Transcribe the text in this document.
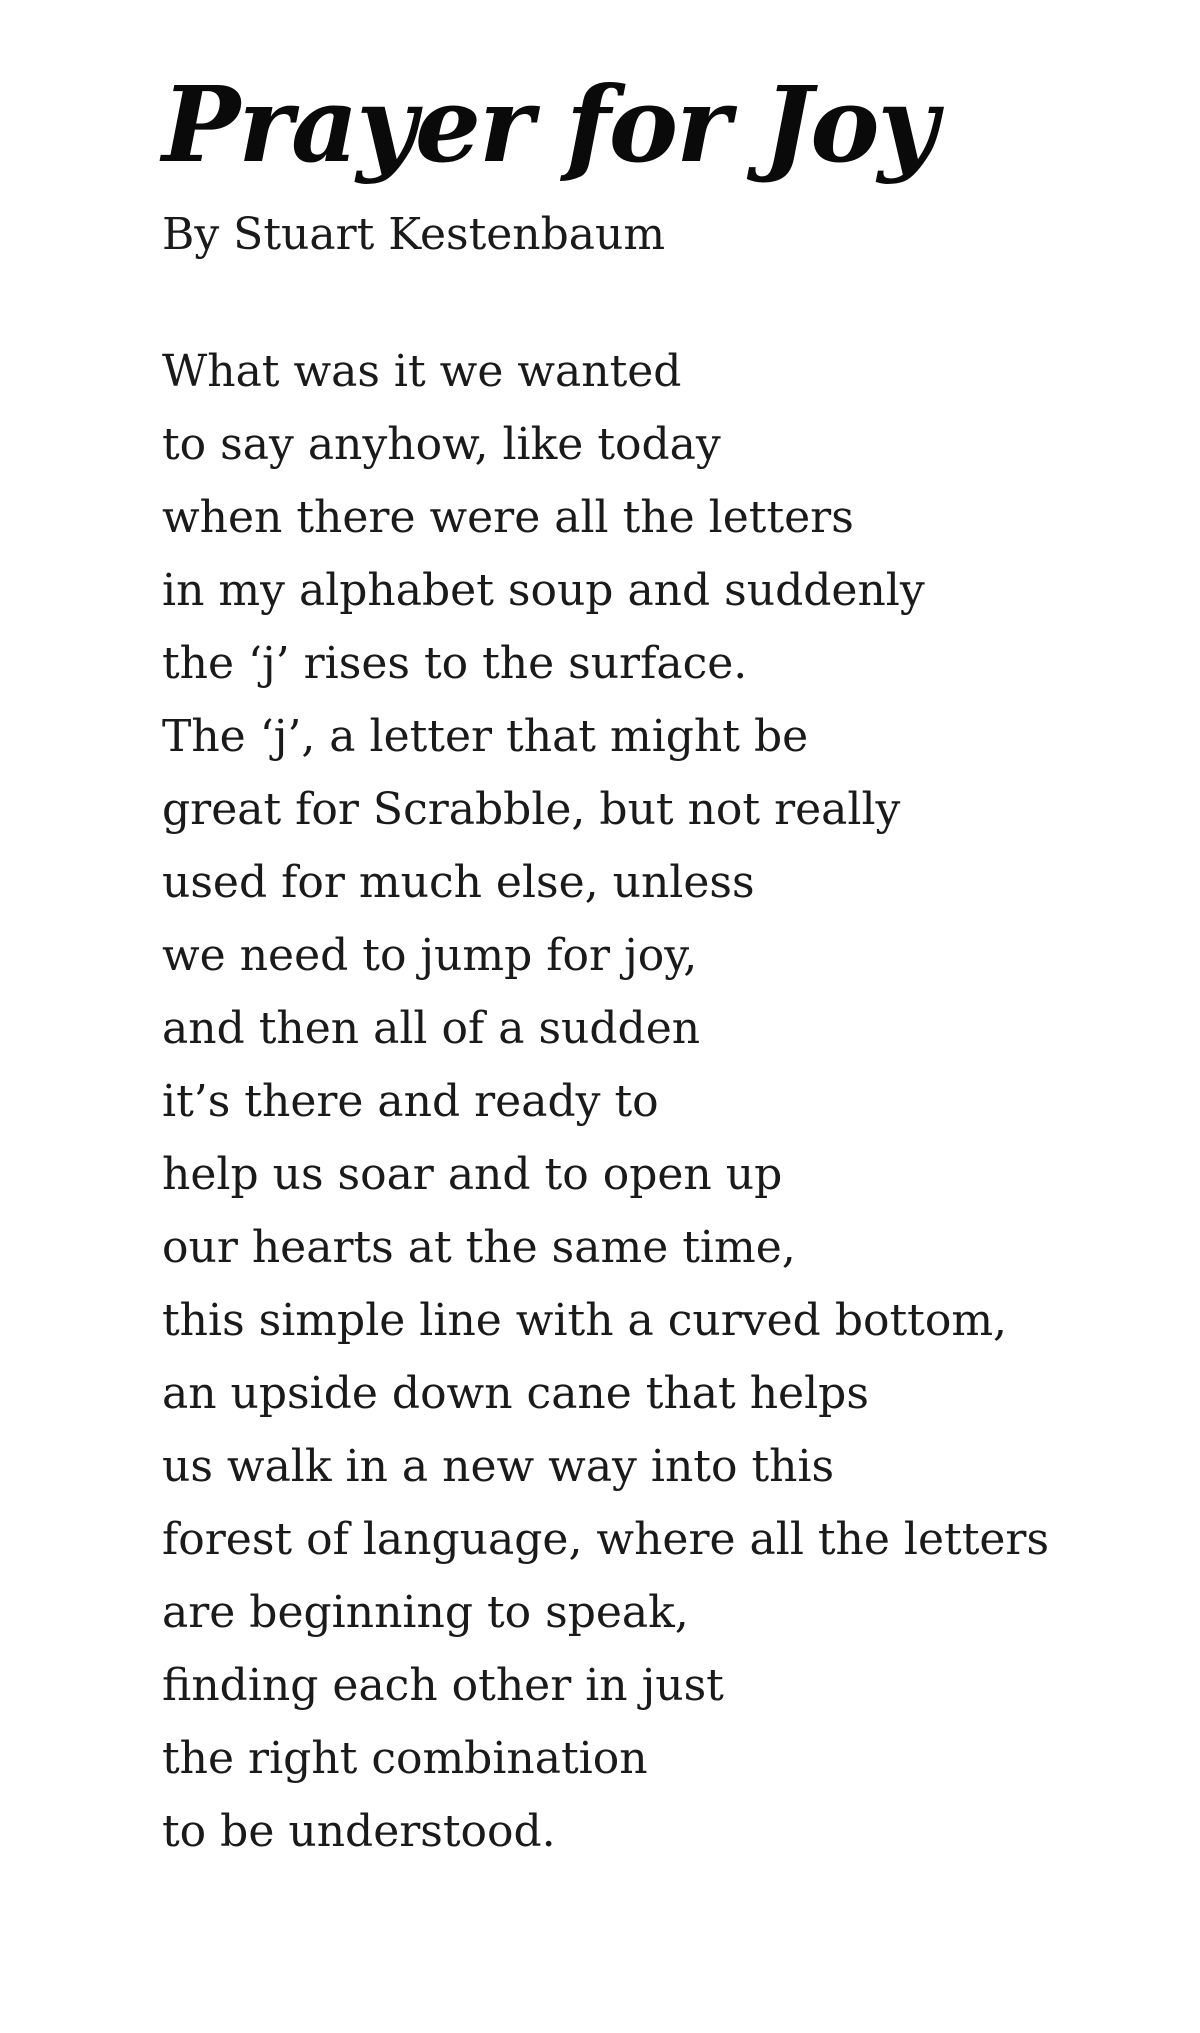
Prayer for Joy
By Stuart Kestenbaum
What was it we wanted
to say anyhow, like today
when there were all the letters
in my alphabet soup and suddenly
the ‘j’ rises to the surface.
The ‘j’, a letter that might be
great for Scrabble, but not really
used for much else, unless
we need to jump for joy,
and then all of a sudden
it’s there and ready to
help us soar and to open up
our hearts at the same time,
this simple line with a curved bottom,
an upside down cane that helps
us walk in a new way into this
forest of language, where all the letters
are beginning to speak,
finding each other in just
the right combination
to be understood.
